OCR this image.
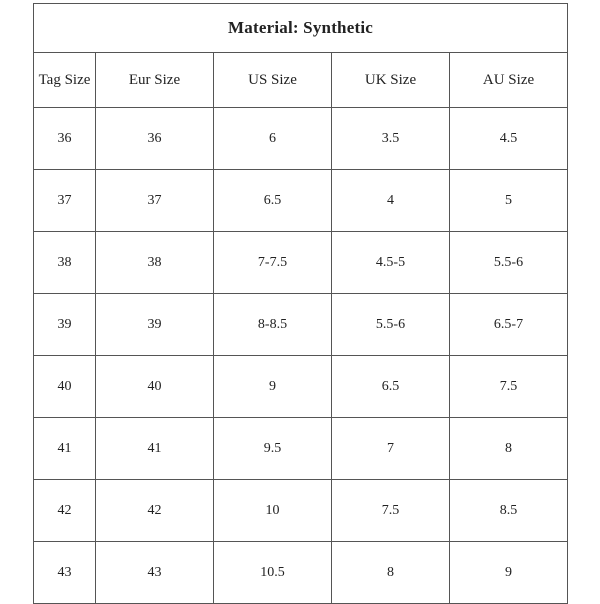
Material: Synthetic				
Tag Size	Eur Size	US Size	UK Size	AU Size
36	36	6	3.5	4.5
37	37	6.5	4	5
38	38	7-7.5	4.5-5	5.5-6
39	39	8-8.5	5.5-6	6.5-7
40	40	9	6.5	7.5
41	41	9.5	7	8
42	42	10	7.5	8.5
43	43	10.5	8	9
